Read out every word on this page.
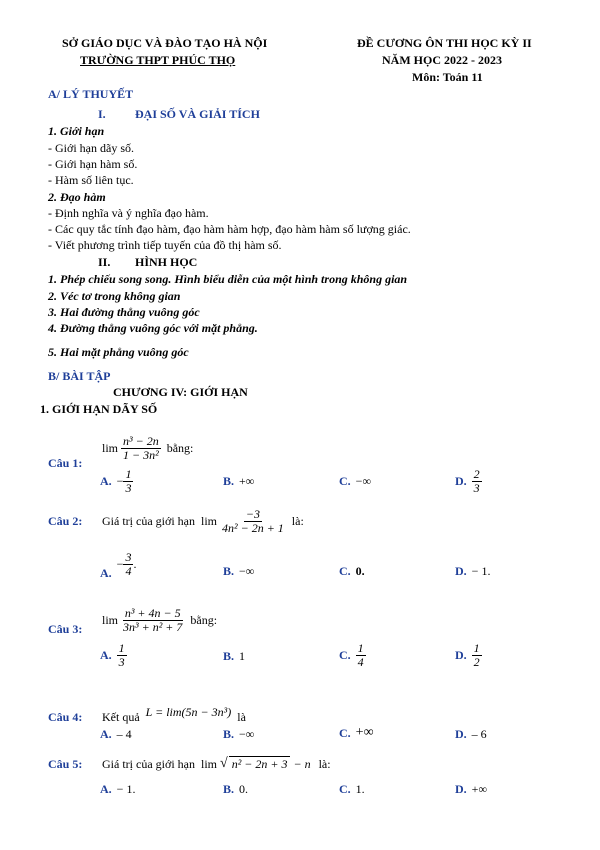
SỞ GIÁO DỤC VÀ ĐÀO TẠO HÀ NỘI
TRƯỜNG THPT PHÚC THỌ
ĐỀ CƯƠNG ÔN THI HỌC KỲ II
NĂM HỌC 2022 - 2023
Môn: Toán 11
A/ LÝ THUYẾT
I. ĐẠI SỐ VÀ GIẢI TÍCH
1. Giới hạn
- Giới hạn dãy số.
- Giới hạn hàm số.
- Hàm số liên tục.
2. Đạo hàm
- Định nghĩa và ý nghĩa đạo hàm.
- Các quy tắc tính đạo hàm, đạo hàm hàm hợp, đạo hàm hàm số lượng giác.
- Viết phương trình tiếp tuyến của đồ thị hàm số.
II. HÌNH HỌC
1. Phép chiếu song song. Hình biểu diễn của một hình trong không gian
2. Véc tơ trong không gian
3. Hai đường thẳng vuông góc
4. Đường thẳng vuông góc với mặt phẳng.
5. Hai mặt phẳng vuông góc
B/ BÀI TẬP
CHƯƠNG IV: GIỚI HẠN
1. GIỚI HẠN DÃY SỐ
Câu 1:
$\lim \frac{\text{n³ − 2n}}{\text{1 − 3n²}}$ bằng:
A. − $\frac{1}{3}$	B. +∞	C. −∞	D. $\frac{2}{3}$
Câu 2:	Giá trị của giới hạn $\lim \frac{-3}{\text{4n² − 2n + 1}}$ là:
A.
− $\frac{3}{4}$ .	B. −∞	C. 0.	D. − 1.
Câu 3:
$\lim \frac{\text{n³ + 4n − 5}}{\text{3n³ + n² + 7}}$ bằng:
A. $\frac{1}{3}$	B. 1	C. $\frac{1}{4}$	D. $\frac{1}{2}$
Câu 4:	Kết quả L = lim(5n − 3n³) là
A. – 4	B. −∞	C. +∞	D. – 6
Câu 5:	Giá trị của giới hạn lim √ n² − 2n + 3 − n là:
A. − 1.	B. 0.	C. 1.	D. +∞
